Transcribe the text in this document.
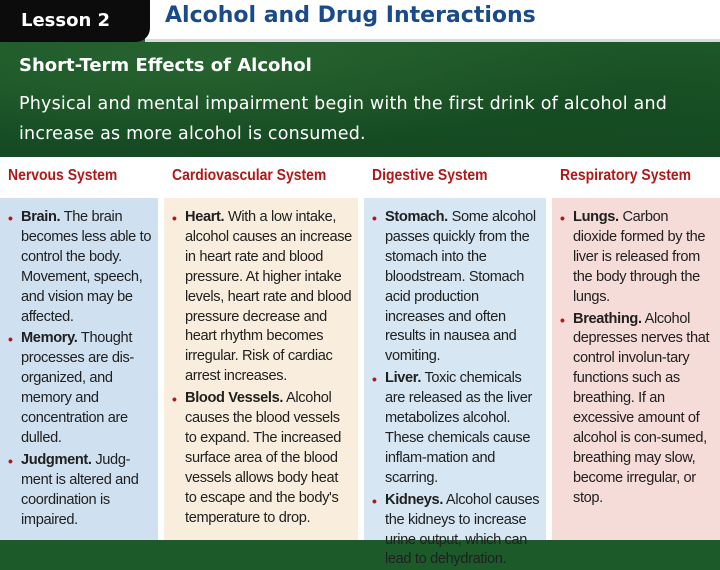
Lesson 2 Alcohol and Drug Interactions
Short-Term Effects of Alcohol

Physical and mental impairment begin with the first drink of alcohol and increase as more alcohol is consumed.

Nervous System
• Brain. The brain becomes less able to control the body. Movement, speech, and vision may be affected.
• Memory. Thought processes are dis-organized, and memory and concentration are dulled.
• Judgment. Judg-ment is altered and coordination is impaired.
Cardiovascular System
• Heart. With a low intake, alcohol causes an increase in heart rate and blood pressure. At higher intake levels, heart rate and blood pressure decrease and heart rhythm becomes irregular. Risk of cardiac arrest increases.
• Blood Vessels. Alcohol causes the blood vessels to expand. The increased surface area of the blood vessels allows body heat to escape and the body's temperature to drop.
Digestive System
• Stomach. Some alcohol passes quickly from the stomach into the bloodstream. Stomach acid production increases and often results in nausea and vomiting.
• Liver. Toxic chemicals are released as the liver metabolizes alcohol. These chemicals cause inflam-mation and scarring.
• Kidneys. Alcohol causes the kidneys to increase urine output, which can lead to dehydration.
Respiratory System
• Lungs. Carbon dioxide formed by the liver is released from the body through the lungs.
• Breathing. Alcohol depresses nerves that control involun-tary functions such as breathing. If an excessive amount of alcohol is con-sumed, breathing may slow, become irregular, or stop.
